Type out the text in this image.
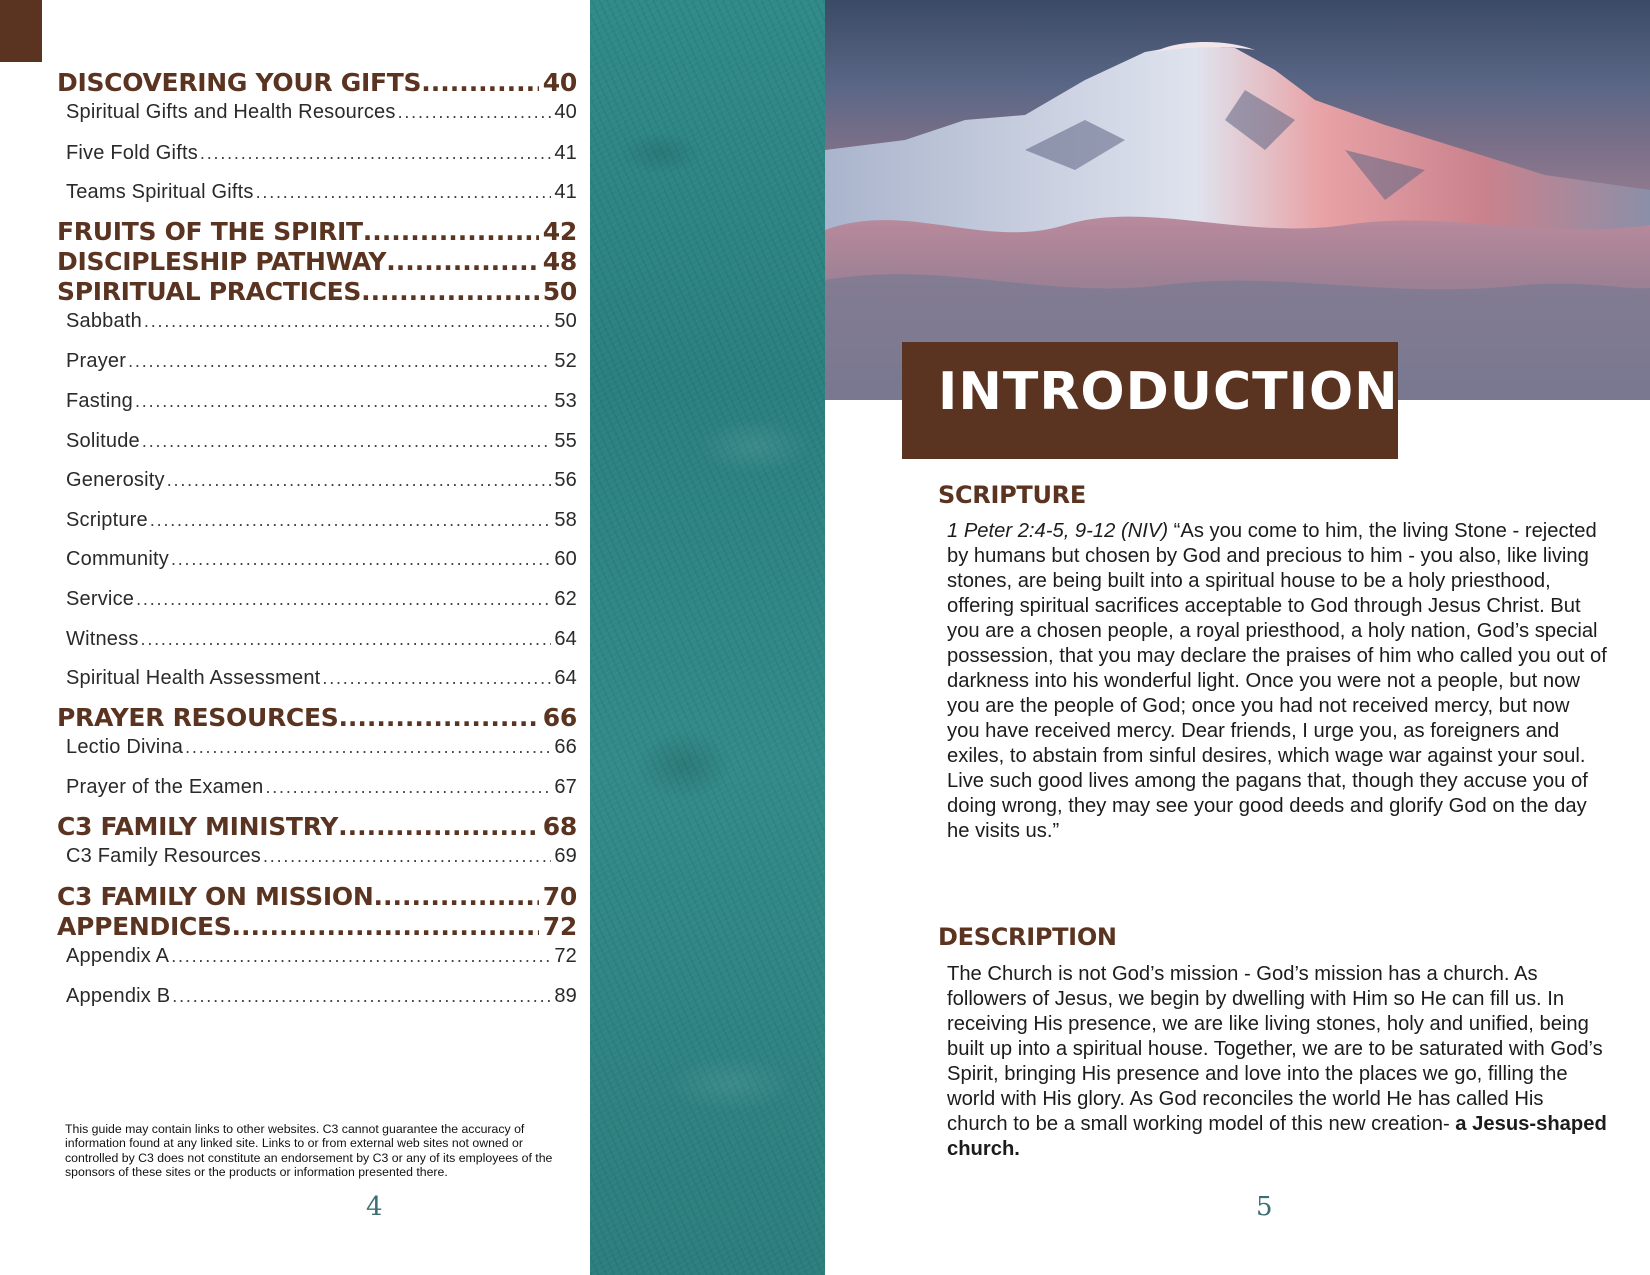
DISCOVERING YOUR GIFTS .....	40
Spiritual Gifts and Health Resources . . .	40
Five Fold Gifts . . .	41
Teams Spiritual Gifts . . .	41
FRUITS OF THE SPIRIT .....	42
DISCIPLESHIP PATHWAY .....	48
SPIRITUAL PRACTICES .....	50
Sabbath . . .	50
Prayer . . .	52
Fasting . . .	53
Solitude . . .	55
Generosity . . .	56
Scripture . . .	58
Community . . .	60
Service . . .	62
Witness . . .	64
Spiritual Health Assessment . . .	64
PRAYER RESOURCES .....	66
Lectio Divina . . .	66
Prayer of the Examen . . .	67
C3 FAMILY MINISTRY .....	68
C3 Family Resources . . .	69
C3 FAMILY ON MISSION .....	70
APPENDICES .....	72
Appendix A . . .	72
Appendix B . . .	89
This guide may contain links to other websites. C3 cannot guarantee the accuracy of information found at any linked site. Links to or from external web sites not owned or controlled by C3 does not constitute an endorsement by C3 or any of its employees of the sponsors of these sites or the products or information presented there.
4
INTRODUCTION
SCRIPTURE
1 Peter 2:4-5, 9-12 (NIV) “As you come to him, the living Stone - rejected by humans but chosen by God and precious to him - you also, like living stones, are being built into a spiritual house to be a holy priesthood, offering spiritual sacrifices acceptable to God through Jesus Christ. But you are a chosen people, a royal priesthood, a holy nation, God’s special possession, that you may declare the praises of him who called you out of darkness into his wonderful light. Once you were not a people, but now you are the people of God; once you had not received mercy, but now you have received mercy. Dear friends, I urge you, as foreigners and exiles, to abstain from sinful desires, which wage war against your soul. Live such good lives among the pagans that, though they accuse you of doing wrong, they may see your good deeds and glorify God on the day he visits us.”
DESCRIPTION
The Church is not God’s mission - God’s mission has a church. As followers of Jesus, we begin by dwelling with Him so He can fill us. In receiving His presence, we are like living stones, holy and unified, being built up into a spiritual house. Together, we are to be saturated with God’s Spirit, bringing His presence and love into the places we go, filling the world with His glory. As God reconciles the world He has called His church to be a small working model of this new creation- a Jesus-shaped church.
5
